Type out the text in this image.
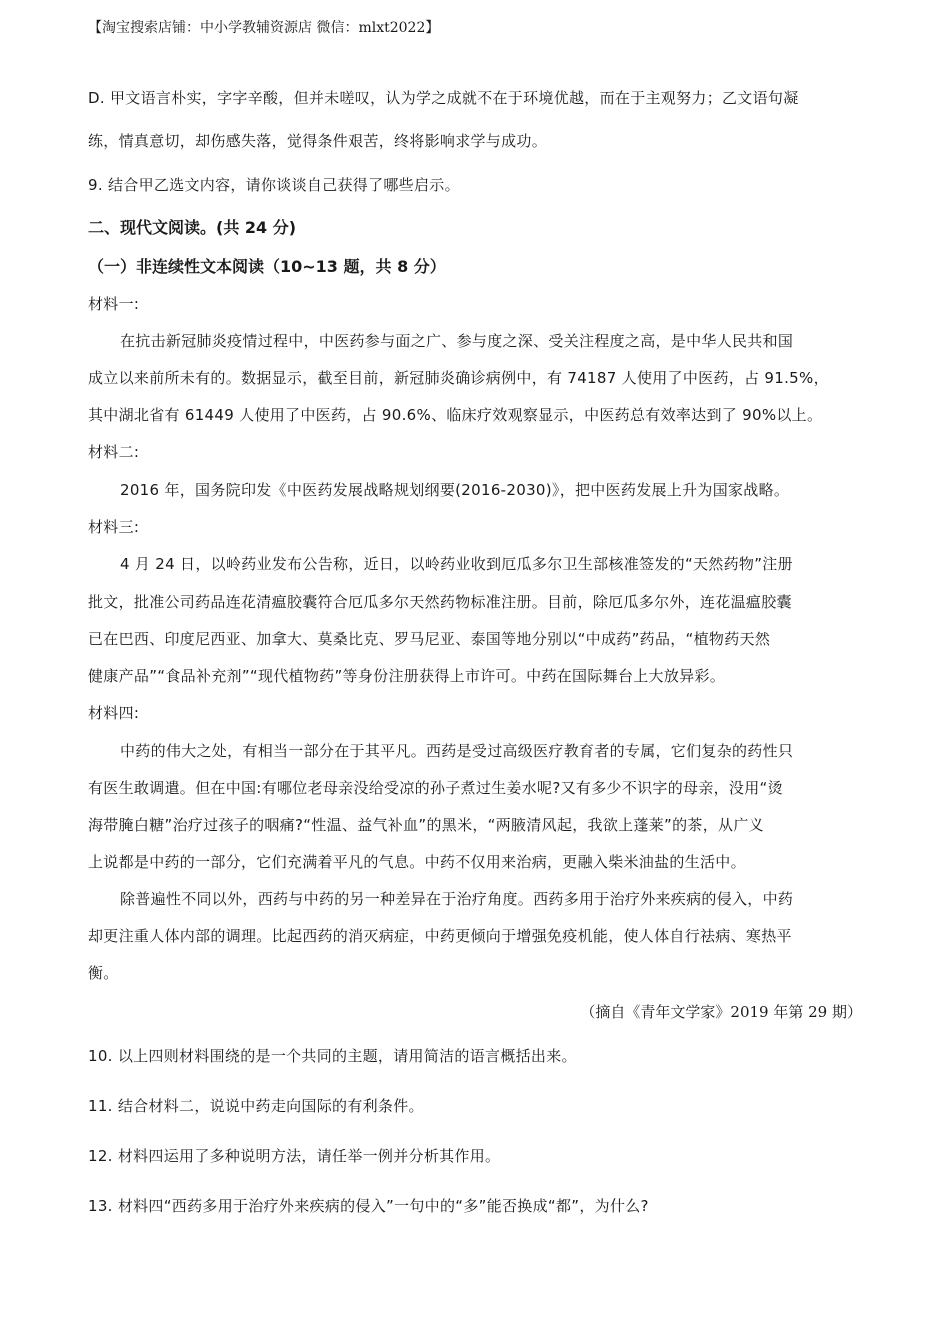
【淘宝搜索店铺：中小学教辅资源店 微信：mlxt2022】
D. 甲文语言朴实，字字辛酸，但并未嗟叹，认为学之成就不在于环境优越，而在于主观努力；乙文语句凝
练，情真意切，却伤感失落，觉得条件艰苦，终将影响求学与成功。
9. 结合甲乙选文内容，请你谈谈自己获得了哪些启示。
二、现代文阅读。(共 24 分)
（一）非连续性文本阅读（10~13 题，共 8 分）
材料一:
在抗击新冠肺炎疫情过程中，中医药参与面之广、参与度之深、受关注程度之高，是中华人民共和国
成立以来前所未有的。数据显示，截至目前，新冠肺炎确诊病例中，有 74187 人使用了中医药，占 91.5%，
其中湖北省有 61449 人使用了中医药，占 90.6%、临床疗效观察显示，中医药总有效率达到了 90%以上。
材料二:
2016 年，国务院印发《中医药发展战略规划纲要(2016-2030)》，把中医药发展上升为国家战略。
材料三:
4 月 24 日，以岭药业发布公告称，近日，以岭药业收到厄瓜多尔卫生部核准签发的“天然药物”注册
批文，批准公司药品连花清瘟胶囊符合厄瓜多尔天然药物标准注册。目前，除厄瓜多尔外，连花温瘟胶囊
已在巴西、印度尼西亚、加拿大、莫桑比克、罗马尼亚、泰国等地分别以“中成药”药品，“植物药天然
健康产品”“食品补充剂”“现代植物药”等身份注册获得上市许可。中药在国际舞台上大放异彩。
材料四:
中药的伟大之处，有相当一部分在于其平凡。西药是受过高级医疗教育者的专属，它们复杂的药性只
有医生敢调遣。但在中国:有哪位老母亲没给受凉的孙子煮过生姜水呢?又有多少不识字的母亲，没用“烫
海带腌白糖”治疗过孩子的咽痛?“性温、益气补血”的黑米，“两腋清风起，我欲上蓬莱”的茶，从广义
上说都是中药的一部分，它们充满着平凡的气息。中药不仅用来治病，更融入柴米油盐的生活中。
除普遍性不同以外，西药与中药的另一种差异在于治疗角度。西药多用于治疗外来疾病的侵入，中药
却更注重人体内部的调理。比起西药的消灭病症，中药更倾向于增强免疫机能，使人体自行祛病、寒热平
衡。
（摘自《青年文学家》2019 年第 29 期）
10. 以上四则材料围绕的是一个共同的主题，请用简洁的语言概括出来。
11. 结合材料二，说说中药走向国际的有利条件。
12. 材料四运用了多种说明方法，请任举一例并分析其作用。
13. 材料四“西药多用于治疗外来疾病的侵入”一句中的“多”能否换成“都”，为什么?
